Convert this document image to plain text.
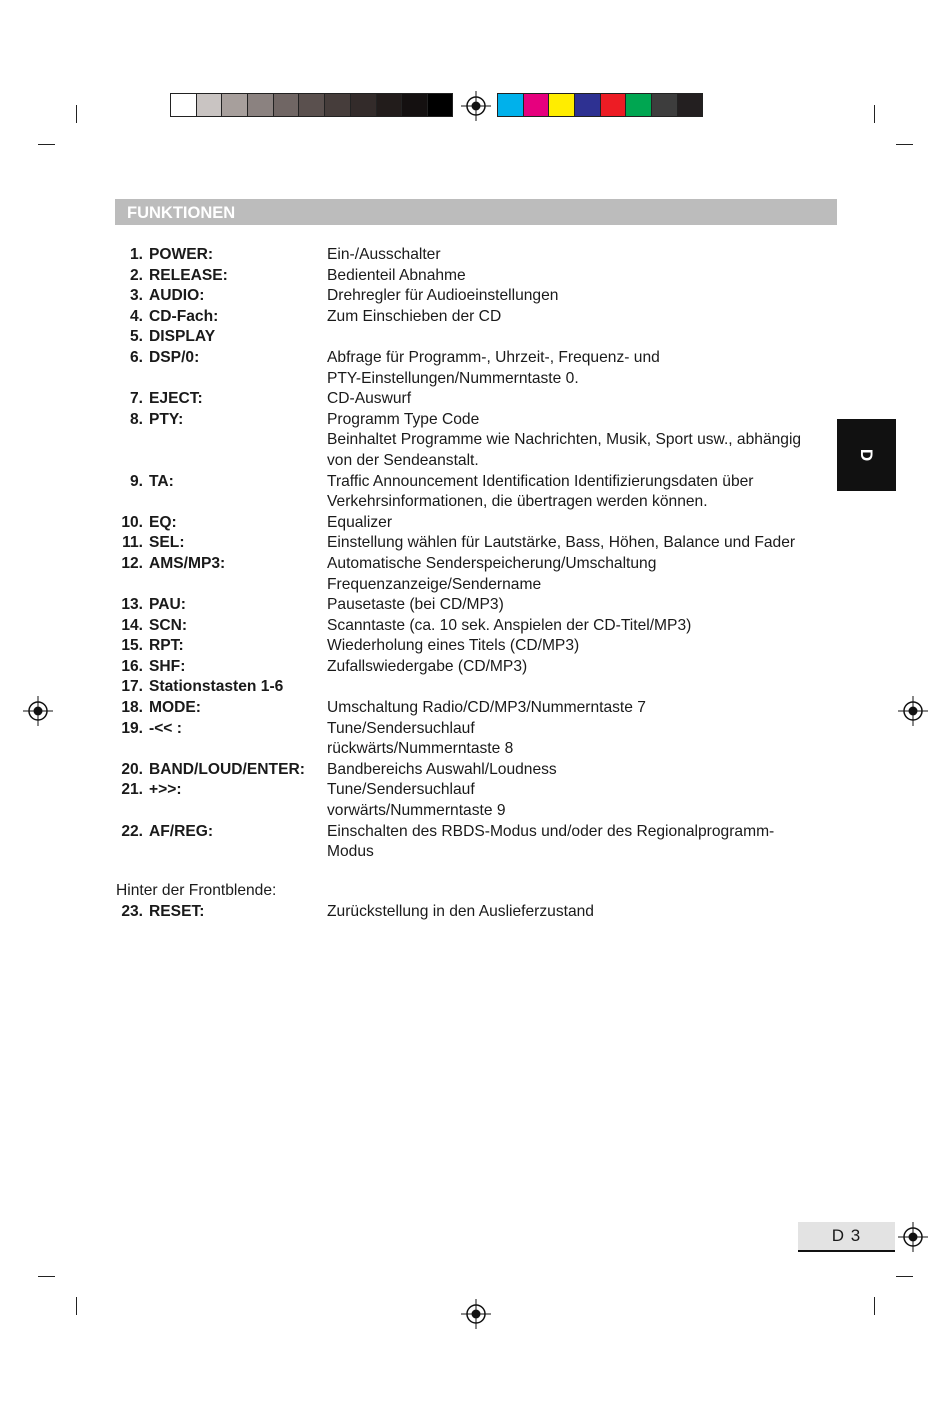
FUNKTIONEN
1. POWER:	Ein-/Ausschalter
2. RELEASE:	Bedienteil Abnahme
3. AUDIO:	Drehregler für Audioeinstellungen
4. CD-Fach:	Zum Einschieben der CD
5. DISPLAY
6. DSP/0:	Abfrage für Programm-, Uhrzeit-, Frequenz- und
PTY-Einstellungen/Nummerntaste 0.
7. EJECT:	CD-Auswurf
8. PTY:	Programm Type Code
Beinhaltet Programme wie Nachrichten, Musik, Sport usw., abhängig
von der Sendeanstalt.
9. TA:	Traffic Announcement Identification Identifizierungsdaten über
Verkehrsinformationen, die übertragen werden können.
10. EQ:	Equalizer
11. SEL:	Einstellung wählen für Lautstärke, Bass, Höhen, Balance und Fader
12. AMS/MP3:	Automatische Senderspeicherung/Umschaltung
Frequenzanzeige/Sendername
13. PAU:	Pausetaste (bei CD/MP3)
14. SCN:	Scanntaste (ca. 10 sek. Anspielen der CD-Titel/MP3)
15. RPT:	Wiederholung eines Titels (CD/MP3)
16. SHF:	Zufallswiedergabe (CD/MP3)
17. Stationstasten 1-6
18. MODE:	Umschaltung Radio/CD/MP3/Nummerntaste 7
19. -<< :	Tune/Sendersuchlauf
rückwärts/Nummerntaste 8
20. BAND/LOUD/ENTER:	Bandbereichs Auswahl/Loudness
21. +>>:	Tune/Sendersuchlauf
vorwärts/Nummerntaste 9
22. AF/REG:	Einschalten des RBDS-Modus und/oder des Regionalprogramm-
Modus
Hinter der Frontblende:
23. RESET:	Zurückstellung in den Auslieferzustand
D
D 3
